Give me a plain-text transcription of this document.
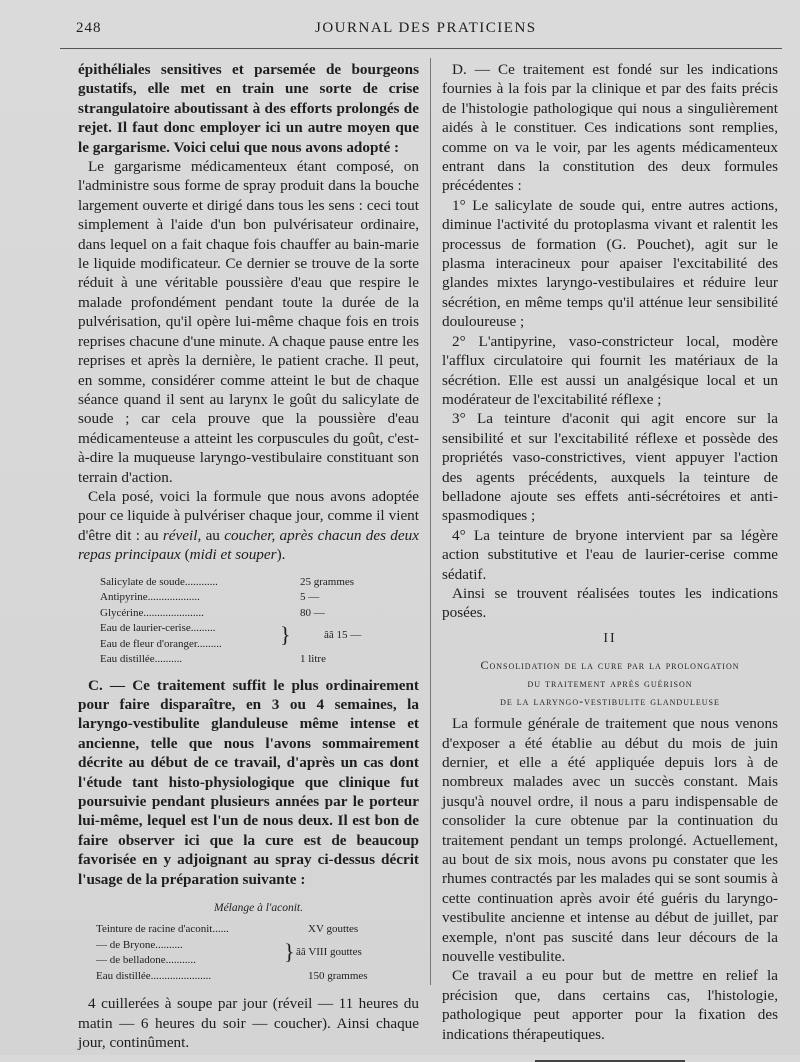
248	JOURNAL DES PRATICIENS

épithéliales sensitives et parsemée de bourgeons gustatifs, elle met en train une sorte de crise strangulatoire aboutissant à des efforts prolongés de rejet. Il faut donc employer ici un autre moyen que le gargarisme. Voici celui que nous avons adopté :

Le gargarisme médicamenteux étant composé, on l'administre sous forme de spray produit dans la bouche largement ouverte et dirigé dans tous les sens : ceci tout simplement à l'aide d'un bon pulvérisateur ordinaire, dans lequel on a fait chaque fois chauffer au bain-marie le liquide modificateur. Ce dernier se trouve de la sorte réduit à une véritable poussière d'eau que respire le malade profondément pendant toute la durée de la pulvérisation, qu'il opère lui-même chaque fois en trois reprises chacune d'une minute. A chaque pause entre les reprises et après la dernière, le patient crache. Il peut, en somme, considérer comme atteint le but de chaque séance quand il sent au larynx le goût du salicylate de soude ; car cela prouve que la poussière d'eau médicamenteuse a atteint les corpuscules du goût, c'est-à-dire la muqueuse laryngo-vestibulaire constituant son terrain d'action.

Cela posé, voici la formule que nous avons adoptée pour ce liquide à pulvériser chaque jour, comme il vient d'être dit : au réveil, au coucher, après chacun des deux repas principaux (midi et souper).

Salicylate de soude............	25 grammes
Antipyrine...................	5 —
Glycérine......................	80 —
Eau de laurier-cerise.........	}	ââ 15 —
Eau de fleur d'oranger.........
Eau distillée..........	1 litre

C. — Ce traitement suffit le plus ordinairement pour faire disparaître, en 3 ou 4 semaines, la laryngo-vestibulite glanduleuse même intense et ancienne, telle que nous l'avons sommairement décrite au début de ce travail, d'après un cas dont l'étude tant histo-physiologique que clinique fut poursuivie pendant plusieurs années par le porteur lui-même, lequel est l'un de nous deux. Il est bon de faire observer ici que la cure est de beaucoup favorisée en y adjoignant au spray ci-dessus décrit l'usage de la préparation suivante :

Mélange à l'aconit.
Teinture de racine d'aconit......	XV gouttes
— de Bryone..........	} ââ VIII gouttes
— de belladone...........
Eau distillée......................	150 grammes

4 cuillerées à soupe par jour (réveil — 11 heures du matin — 6 heures du soir — coucher). Ainsi chaque jour, continûment.

D. — Ce traitement est fondé sur les indications fournies à la fois par la clinique et par des faits précis de l'histologie pathologique qui nous a singulièrement aidés à le constituer. Ces indications sont remplies, comme on va le voir, par les agents médicamenteux entrant dans la constitution des deux formules précédentes :

1° Le salicylate de soude qui, entre autres actions, diminue l'activité du protoplasma vivant et ralentit les processus de formation (G. Pouchet), agit sur le plasma interacineux pour apaiser l'excitabilité des glandes mixtes laryngo-vestibulaires et réduire leur sécrétion, en même temps qu'il atténue leur sensibilité douloureuse ;

2° L'antipyrine, vaso-constricteur local, modère l'afflux circulatoire qui fournit les matériaux de la sécrétion. Elle est aussi un analgésique local et un modérateur de l'excitabilité réflexe ;

3° La teinture d'aconit qui agit encore sur la sensibilité et sur l'excitabilité réflexe et possède des propriétés vaso-constrictives, vient appuyer l'action des agents précédents, auxquels la teinture de belladone ajoute ses effets anti-sécrétoires et anti-spasmodiques ;

4° La teinture de bryone intervient par sa légère action substitutive et l'eau de laurier-cerise comme sédatif.

Ainsi se trouvent réalisées toutes les indications posées.

II
Consolidation de la cure par la prolongation
du traitement après guérison
de la laryngo-vestibulite glanduleuse

La formule générale de traitement que nous venons d'exposer a été établie au début du mois de juin dernier, et elle a été appliquée depuis lors à de nombreux malades avec un succès constant. Mais jusqu'à nouvel ordre, il nous a paru indispensable de consolider la cure obtenue par la continuation du traitement pendant un temps prolongé. Actuellement, au bout de six mois, nous avons pu constater que les rhumes contractés par les malades qui se sont soumis à cette continuation après avoir été guéris du laryngo-vestibulite ancienne et intense au début de juillet, par exemple, n'ont pas suscité dans leur décours de la nouvelle vestibulite.

Ce travail a eu pour but de mettre en relief la précision que, dans certains cas, l'histologie, pathologique peut apporter pour la fixation des indications thérapeutiques.
